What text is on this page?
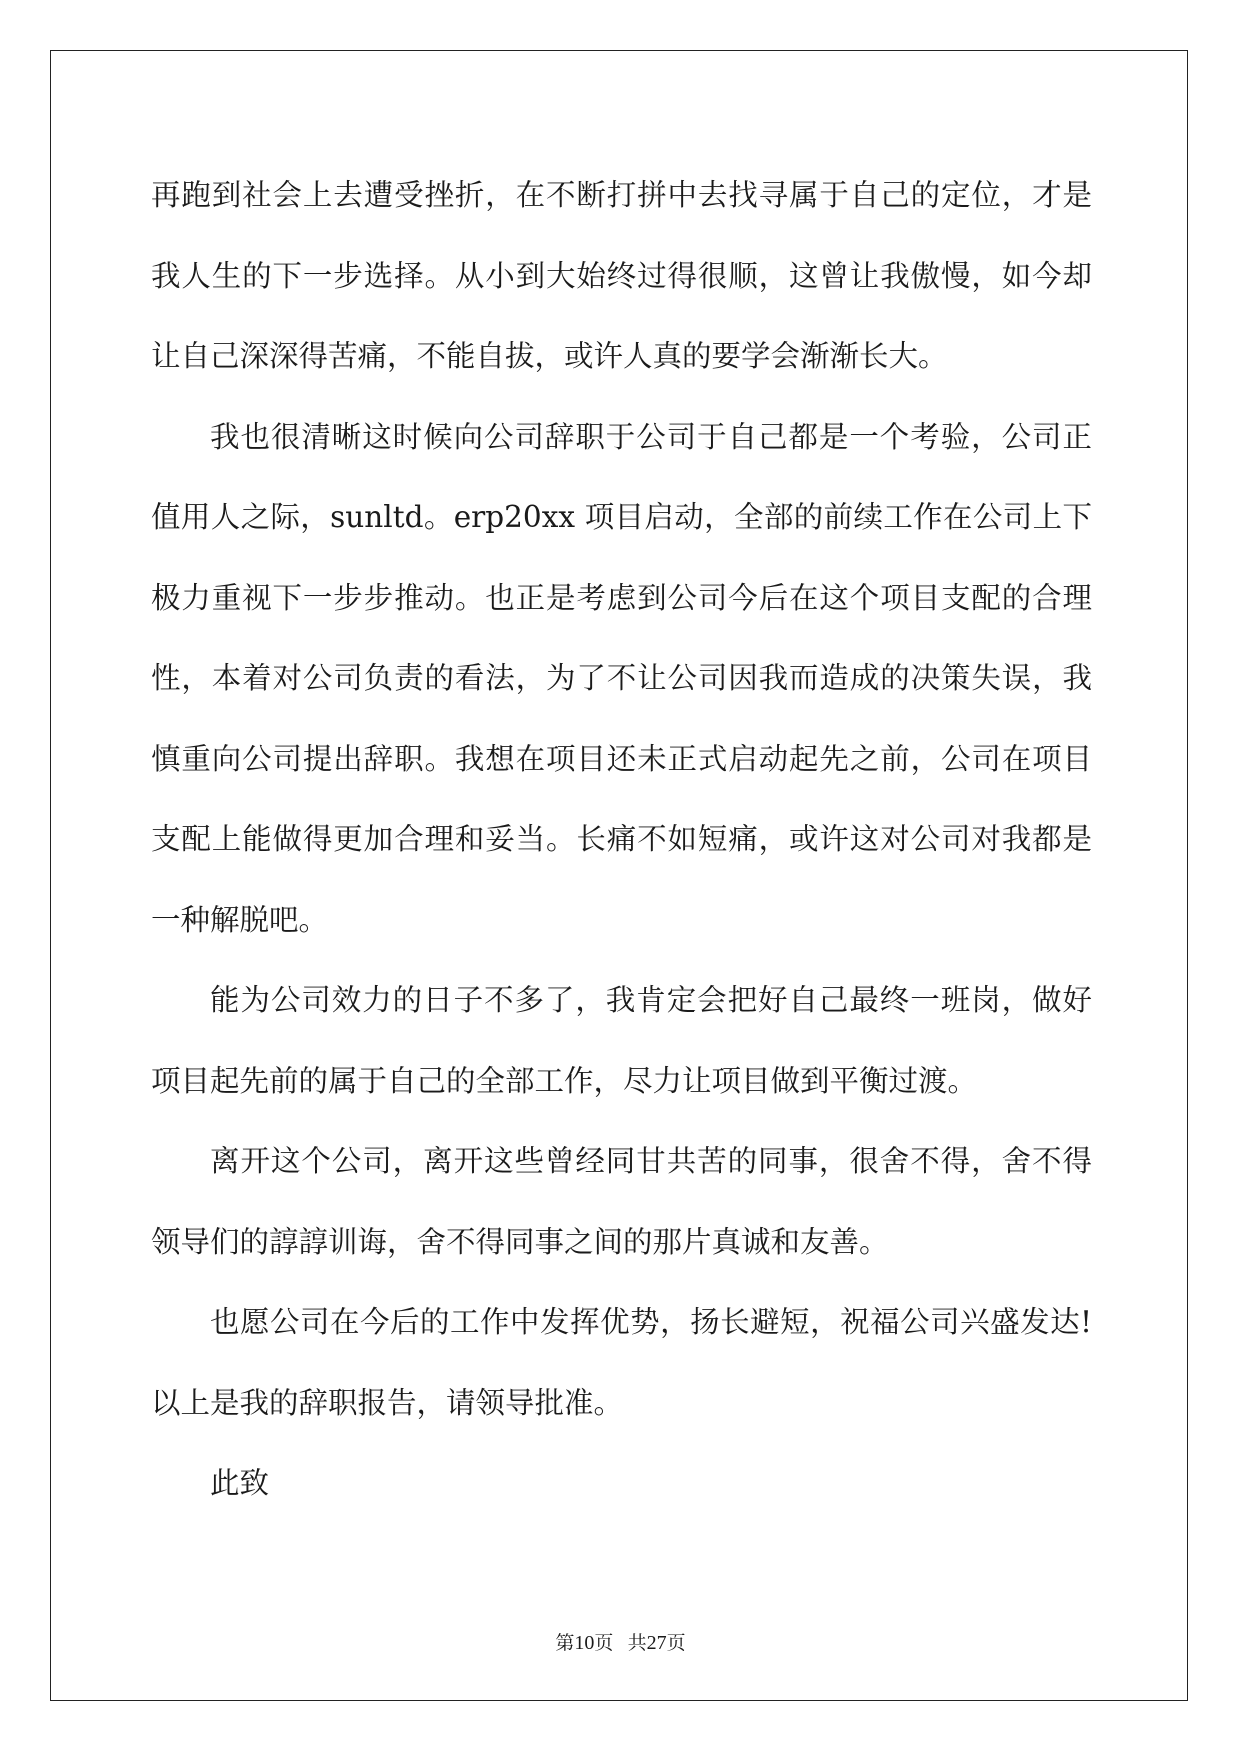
再跑到社会上去遭受挫折，在不断打拼中去找寻属于自己的定位，才是我人生的下一步选择。从小到大始终过得很顺，这曾让我傲慢，如今却让自己深深得苦痛，不能自拔，或许人真的要学会渐渐长大。

我也很清晰这时候向公司辞职于公司于自己都是一个考验，公司正值用人之际，sunltd。erp20xx 项目启动，全部的前续工作在公司上下极力重视下一步步推动。也正是考虑到公司今后在这个项目支配的合理性，本着对公司负责的看法，为了不让公司因我而造成的决策失误，我慎重向公司提出辞职。我想在项目还未正式启动起先之前，公司在项目支配上能做得更加合理和妥当。长痛不如短痛，或许这对公司对我都是一种解脱吧。

能为公司效力的日子不多了，我肯定会把好自己最终一班岗，做好项目起先前的属于自己的全部工作，尽力让项目做到平衡过渡。

离开这个公司，离开这些曾经同甘共苦的同事，很舍不得，舍不得领导们的諄諄训诲，舍不得同事之间的那片真诚和友善。

也愿公司在今后的工作中发挥优势，扬长避短，祝福公司兴盛发达!以上是我的辞职报告，请领导批准。

此致

第10页 共27页
